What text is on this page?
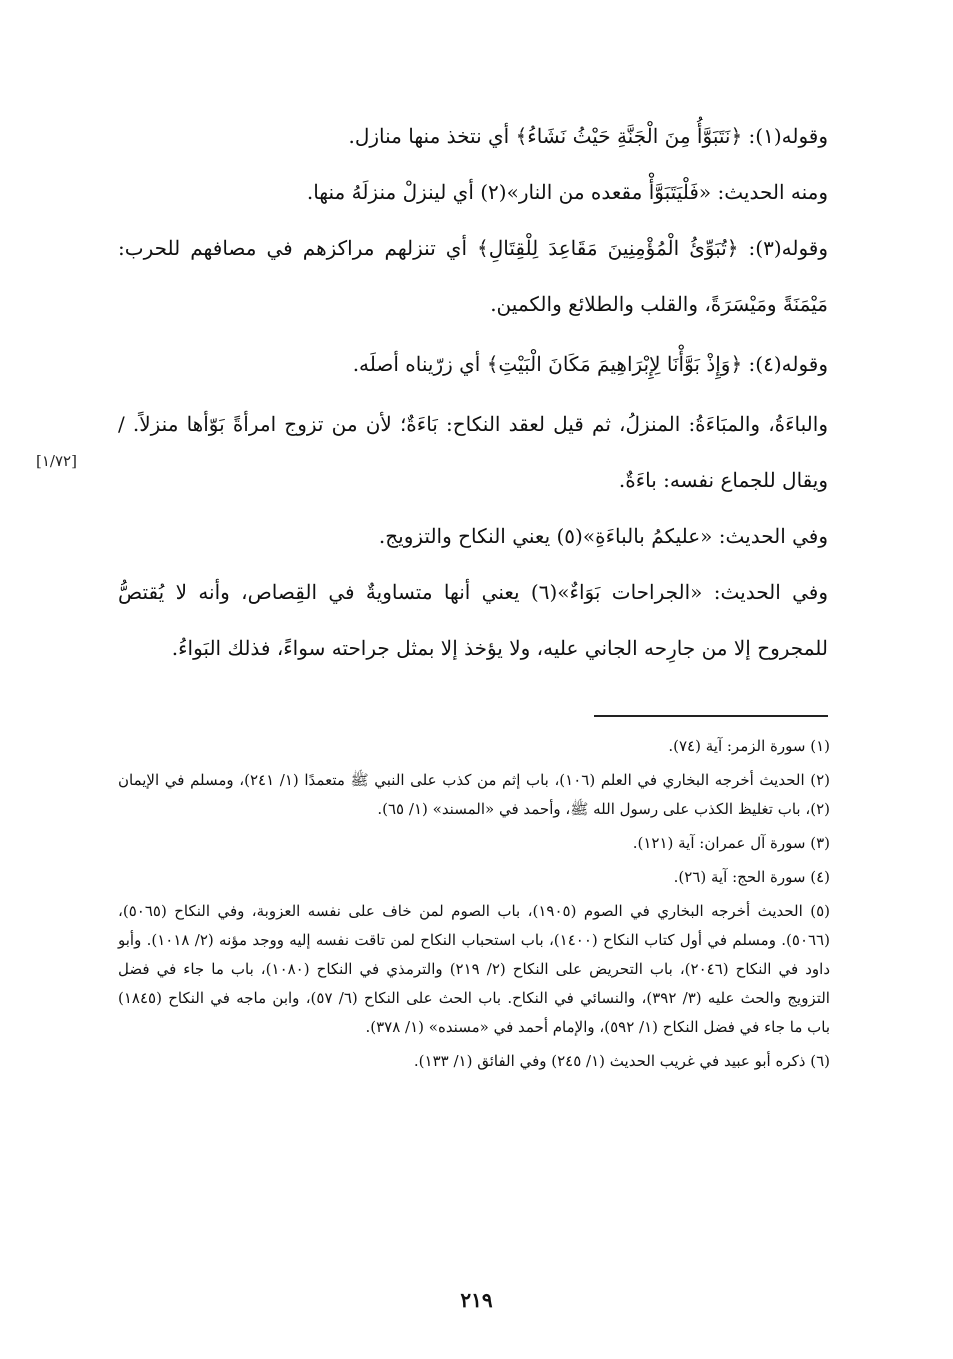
وقوله(١): ﴿نَتَبَوَّأُ مِنَ الْجَنَّةِ حَيْثُ نَشَاءُ﴾ أي نتخذ منها منازل.

ومنه الحديث: «فَلْيَتَبَوَّأْ مقعده من النار»(٢) أي لينزلْ منزلَهُ منها.

وقوله(٣): ﴿تُبَوِّئُ الْمُؤْمِنِينَ مَقَاعِدَ لِلْقِتَالِ﴾ أي تنزلهم مراكزهم في مصافهم للحرب: مَيْمَنَةً ومَيْسَرَةً، والقلب والطلائع والكمين.

وقوله(٤): ﴿وَإِذْ بَوَّأْنَا لِإِبْرَاهِيمَ مَكَانَ الْبَيْتِ﴾ أي زرّيناه أصلَه.

والباءَةُ، والمبَاءَةُ: المنزلُ، ثم قيل لعقد النكاح: بَاءَةٌ؛ لأن من تزوج امرأةً بَوّأها منزلاً. /ويقال للجماع نفسه: باءَةٌ.

وفي الحديث: «عليكمُ بالباءَةِ»(٥) يعني النكاح والتزويج.

وفي الحديث: «الجراحات بَوَاءٌ»(٦) يعني أنها متساويةٌ في القِصاص، وأنه لا يُقتصُّ للمجروح إلا من جارِحه الجاني عليه، ولا يؤخذ إلا بمثل جراحته سواءً، فذلك البَواءُ.

[١/٧٢]

(١) سورة الزمر: آية (٧٤).

(٢) الحديث أخرجه البخاري في العلم (١٠٦)، باب إثم من كذب على النبي ﷺ متعمدًا (١/ ٢٤١)، ومسلم في الإيمان (٢)، باب تغليظ الكذب على رسول الله ﷺ، وأحمد في «المسند» (١/ ٦٥).

(٣) سورة آل عمران: آية (١٢١).

(٤) سورة الحج: آية (٢٦).

(٥) الحديث أخرجه البخاري في الصوم (١٩٠٥)، باب الصوم لمن خاف على نفسه العزوبة، وفي النكاح (٥٠٦٥)، (٥٠٦٦). ومسلم في أول كتاب النكاح (١٤٠٠)، باب استحباب النكاح لمن تاقت نفسه إليه ووجد مؤنه (٢/ ١٠١٨). وأبو داود في النكاح (٢٠٤٦)، باب التحريض على النكاح (٢/ ٢١٩) والترمذي في النكاح (١٠٨٠)، باب ما جاء في فضل التزويج والحث عليه (٣/ ٣٩٢)، والنسائي في النكاح. باب الحث على النكاح (٦/ ٥٧)، وابن ماجه في النكاح (١٨٤٥) باب ما جاء في فضل النكاح (١/ ٥٩٢)، والإمام أحمد في «مسنده» (١/ ٣٧٨).

(٦) ذكره أبو عبيد في غريب الحديث (١/ ٢٤٥) وفي الفائق (١/ ١٣٣).

٢١٩
